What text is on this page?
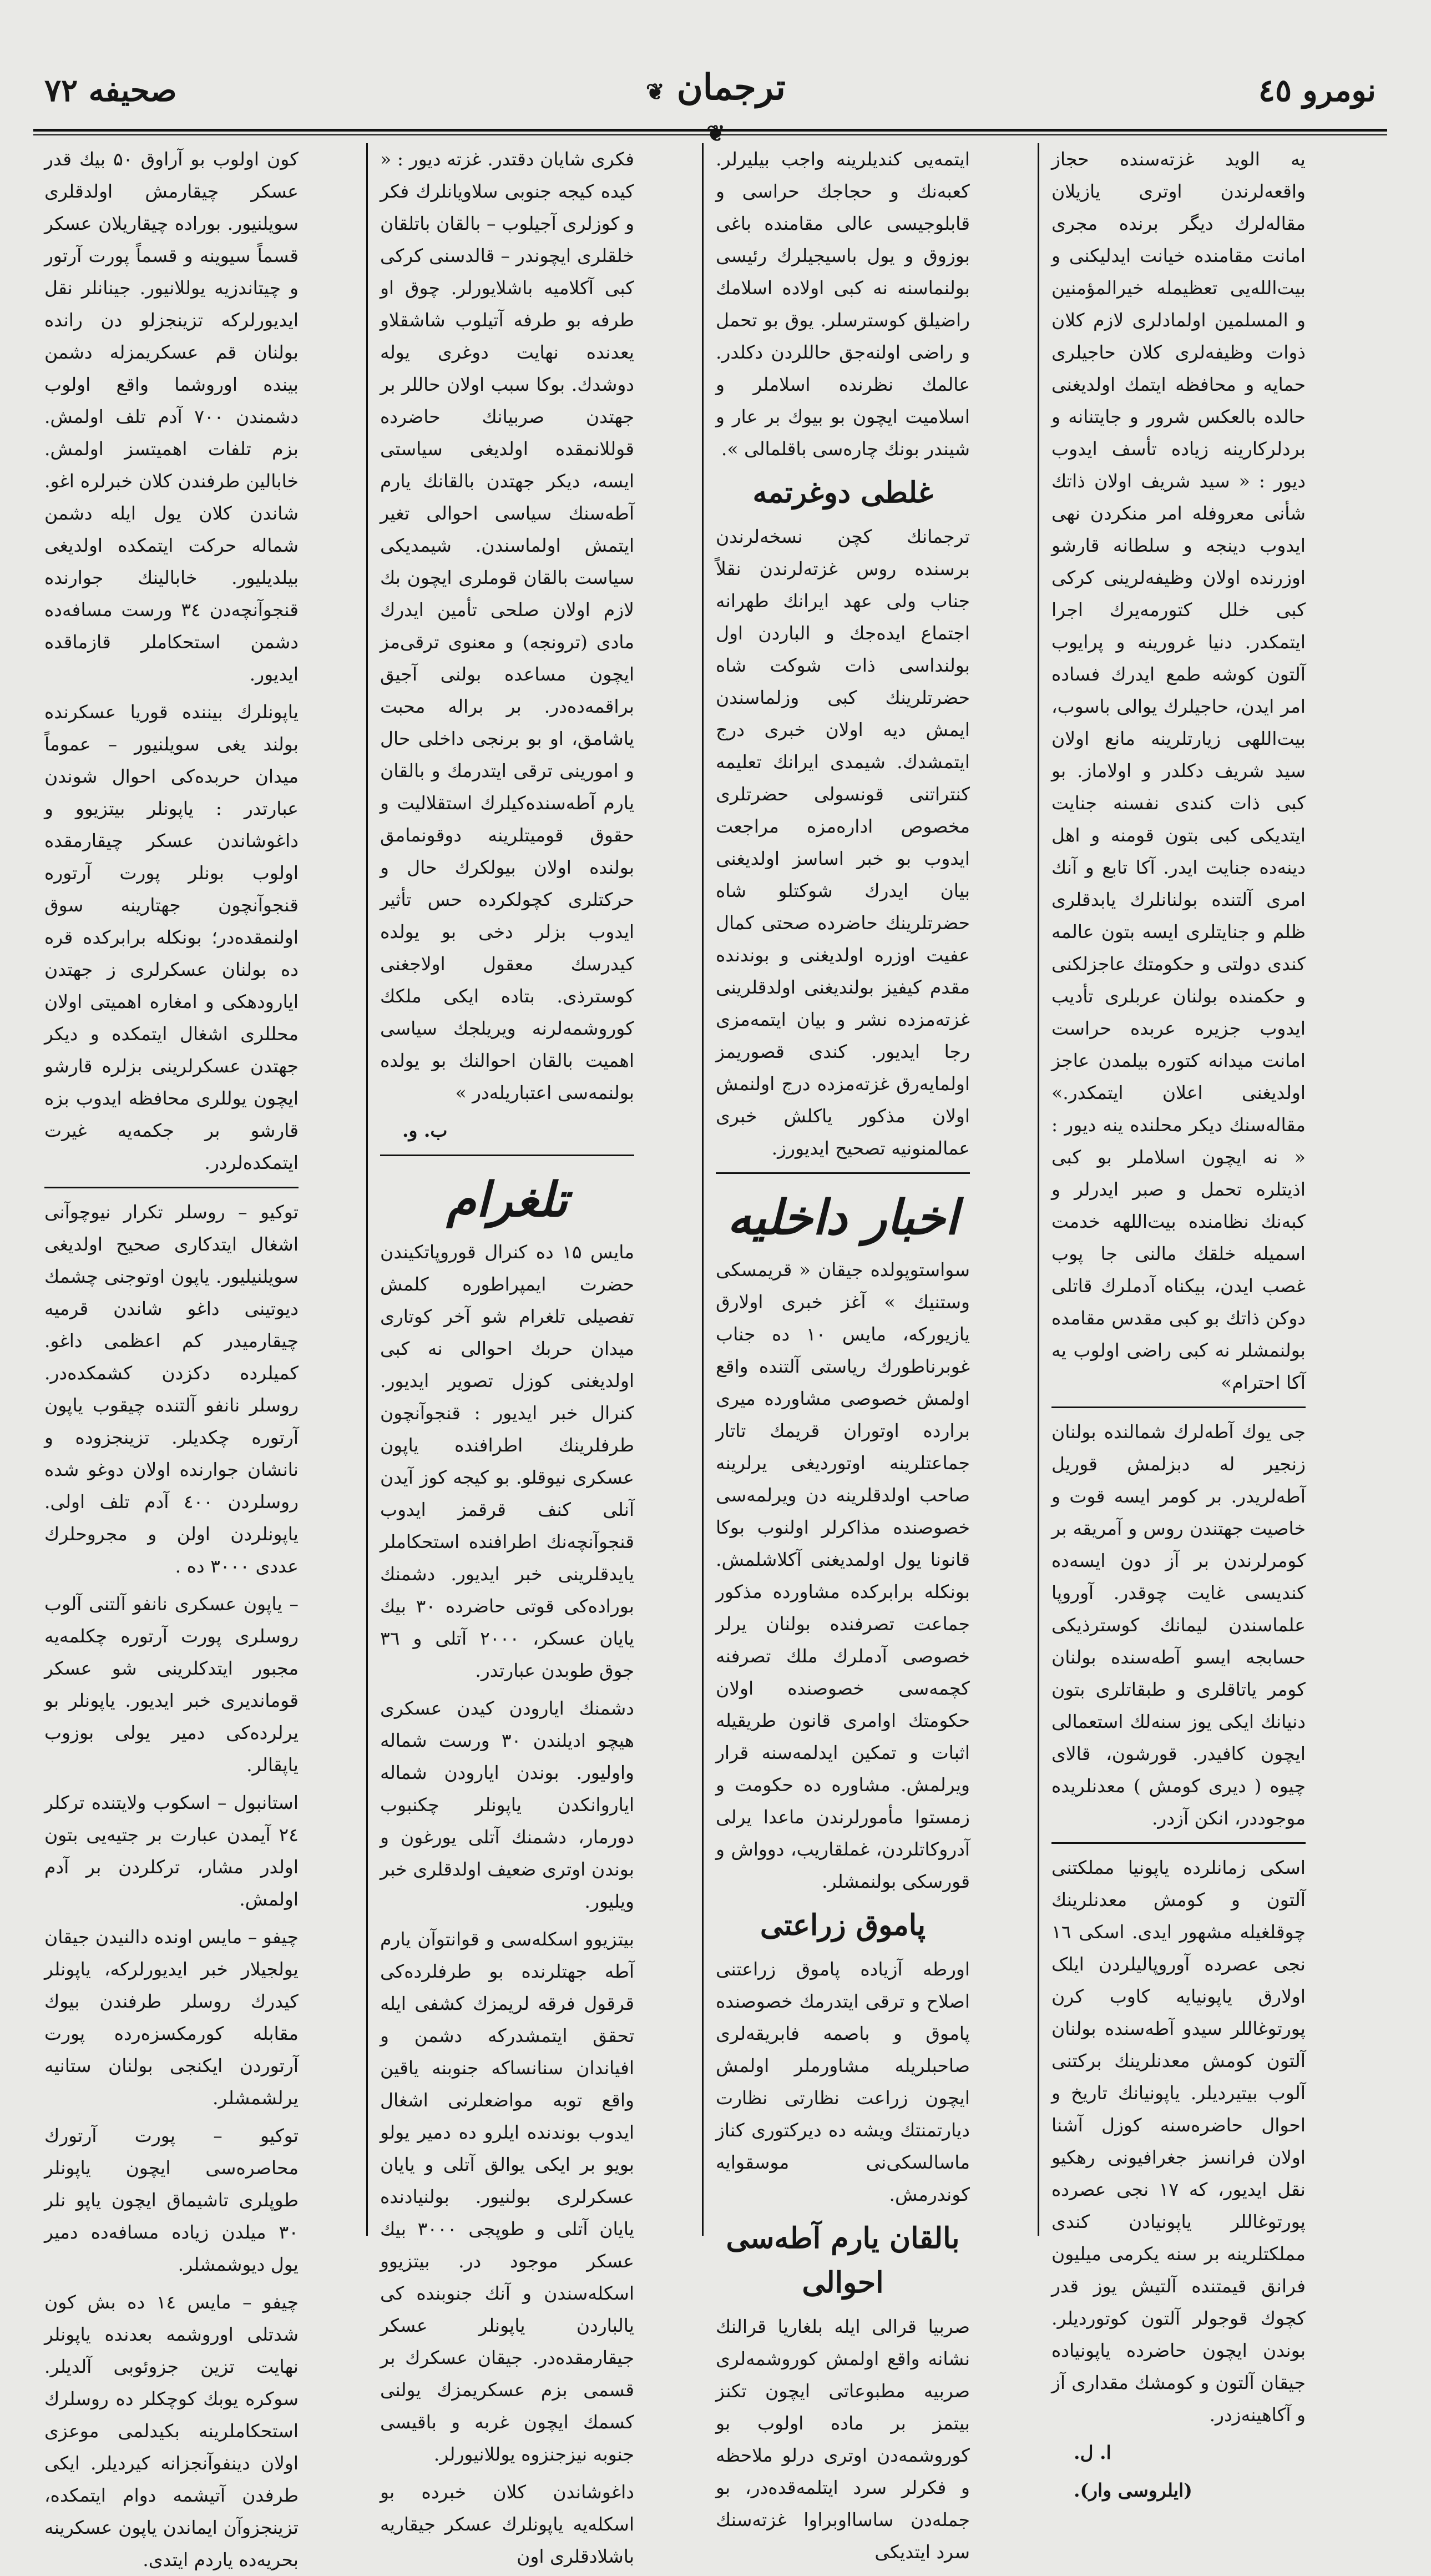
صحیفه ۷۲	❦ ترجمان ❦
نومرو ٤٥

یه الوید غزته‌سنده حجاز واقعه‌لرندن اوتری یازیلان مقاله‌لرك دیگر برنده مجری امانت مقامنده خیانت ایدلیکنی و بیت‌الله‌یی تعظیمله خیرالمؤمنین و المسلمین اولمادلری لازم کلان ذوات وظیفه‌لری کلان حاجیلری حمایه و محافظه ایتمك اولدیغنی حالده بالعکس شرور و جایتنانه و بردلرکارینه زیاده تأسف ایدوب دیور : « سید شریف اولان ذاتك شأنی معروفله امر منکردن نهی ایدوب دینجه و سلطانه قارشو اوزرنده اولان وظیفه‌لرینی کرکی کبی خلل کتورمه‌یرك اجرا ایتمکدر. دنیا غرورینه و پرایوب آلتون کوشه طمع ایدرك فساده امر ایدن، حاجیلرك یوالی باسوب، بیت‌اللهی زیارتلرینه مانع اولان سید شریف دکلدر و اولاماز. بو کبی ذات کندی نفسنه جنایت ایتدیکی کبی بتون قومنه و اهل دینه‌ده جنایت ایدر. آکا تابع و آنك امری آلتنده بولنانلرك یابدقلری ظلم و جنایتلری ایسه بتون عالمه کندی دولتی و حکومتك عاجزلکنی و حکمنده بولنان عربلری تأدیب ایدوب جزیره عربده حراست امانت میدانه کتوره بیلمدن عاجز اولدیغنی اعلان ایتمکدر.» مقاله‌سنك دیکر محلنده ینه دیور : « نه ایچون اسلاملر بو کبی اذیتلره تحمل و صبر ایدرلر و کبه‌نك نظامنده بیت‌اللهه خدمت اسمیله خلقك مالنی جا پوب غصب ایدن، بیکناه آدملرك قاتلی دوکن ذاتك بو کبی مقدس مقامده بولنمشلر نه کبی راضی اولوب یه آکا احترام»

جی یوك آطه‌لرك شمالنده بولنان زنجیر له دبزلمش قوریل آطه‌لریدر. بر کومر ایسه قوت و خاصیت جهتندن روس و آمریقه بر کومرلرندن بر آز دون ایسه‌ده کندیسی غایت چوقدر. آوروپا علماسندن لیمانك کوسترذیکی حسابجه ایسو آطه‌سنده بولنان کومر یاتاقلری و طبقاتلری بتون دنیانك ایکی یوز سنه‌لك استعمالی ایچون کافیدر. قورشون، قالای چیوه ( دیری کومش ) معدنلریده موجوددر، انکن آزدر.

اسکی زمانلرده یاپونیا مملکتنی آلتون و کومش معدنلرینك چوقلغیله مشهور ایدی. اسکی ۱٦ نجی عصرده آوروپالیلردن ایلک اولارق یاپونیایه کاوب کرن پورتوغاللر سیدو آطه‌سنده بولنان آلتون کومش معدنلرینك برکتنی آلوب بیتیردیلر. یاپونیانك تاریخ و احوال حاضره‌سنه کوزل آشنا اولان فرانسز جغرافیونی رهکیو نقل ایدیور، که ۱۷ نجی عصرده پورتوغاللر یاپونیادن کندی مملکتلرینه بر سنه یکرمی میلیون فرانق قیمتنده آلتیش یوز قدر کچوك قوجولر آلتون کوتوردیلر. بوندن ایچون حاضرده یاپونیاده جیقان آلتون و کومشك مقداری آز و آکاهینه‌زدر.

ا. ل.

(ایلروسی وار).

ایتمه‌یی کندیلرینه واجب بیلیرلر. کعبه‌نك و حجاجك حراسی و قابلوجیسی عالی مقامنده باغی بوزوق و یول باسیجیلرك رئیسی بولنماسنه نه کبی اولاده اسلامك راضیلق کوسترسلر. یوق بو تحمل و راضی اولنه‌جق حاللردن دکلدر. عالمك نظرنده اسلاملر و اسلامیت ایچون بو بیوك بر عار و شیندر بونك چاره‌سی باقلمالی ».

غلطی دوغرتمه

ترجمانك کچن نسخه‌لرندن برسنده روس غزته‌لرندن نقلاً جناب ولی عهد ایرانك طهرانه اجتماع ایده‌جك و الباردن اول بولنداسی ذات شوکت شاه حضرتلرینك کبی وزلماسندن ایمش دیه اولان خبری درج ایتمشدك. شیمدی ایرانك تعلیمه کنتراتنی قونسولی حضرتلری مخصوص اداره‌مزه مراجعت ایدوب بو خبر اساسز اولدیغنی بیان ایدرك شوکتلو شاه حضرتلرینك حاضرده صحتی کمال عفیت اوزره اولدیغنی و بوندنده مقدم کیفیز بولندیغنی اولدقلرینی غزته‌مزده نشر و بیان ایتمه‌مزی رجا ایدیور. کندی قصوریمز اولمایه‌رق غزته‌مزده درج اولنمش اولان مذکور یاکلش خبری عمالمنونیه تصحیح ایدیورز.

اخبار داخلیه

سواستوپولده جیقان « قریمسکی وستنیك » آغز خبری اولارق یازیورکه، مایس ۱۰ ده جناب غوبرناطورك ریاستی آلتنده واقع اولمش خصوصی مشاورده میری برارده اوتوران قریمك تاتار جماعتلرینه اوتوردیغی یرلرینه صاحب اولدقلرینه دن ویرلمه‌سی خصوصنده مذاکرلر اولنوب بوکا قانونا یول اولمدیغنی آکلاشلمش. بونکله برابرکده مشاورده مذکور جماعت تصرفنده بولنان یرلر خصوصی آدملرك ملك تصرفنه کچمه‌سی خصوصنده اولان حکومتك اوامری قانون طریقیله اثبات و تمکین ایدلمه‌سنه قرار ویرلمش. مشاوره ده حکومت و زمستوا مأمورلرندن ماعدا یرلی آدروکاتلردن، غملقاریب، دوواش و قورسکی بولنمشلر.

پاموق زراعتی

اورطه آزیاده پاموق زراعتنی اصلاح و ترقی ایتدرمك خصوصنده پاموق و باصمه فابریقه‌لری صاحبلریله مشاورملر اولمش ایچون زراعت نظارتی نظارت دیارتمنتك ویشه ده دیرکتوری کناز ماسالسکی‌نی موسقوایه کوندرمش.

بالقان یارم آطه‌سی احوالی

صربیا قرالی ایله بلغاریا قرالنك نشانه واقع اولمش کوروشمه‌لری صربیه مطبوعاتی ایچون تکنز بیتمز بر ماده اولوب بو کوروشمه‌دن اوتری درلو ملاحظه و فکرلر سرد ایتلمه‌قده‌در، بو جمله‌دن ساسا‌ا‌وبرا‌وا غزته‌سنك سرد ایتدیکی

فکری شایان دقتدر. غزته دیور : « کیده کیجه جنوبی سلاویانلرك فکر و کوزلری آجیلوب – بالقان باتلقان خلقلری ایچوندر – قالدسنی کرکی کبی آکلامیه باشلایورلر. چوق او طرفه بو طرفه آتیلوب شاشقلاو یعدنده نهایت دوغری یوله دوشدك. بوکا سبب اولان حاللر بر جهتدن صربیانك حاضرده قوللانمقده اولدیغی سیاستی ایسه، دیکر جهتدن بالقانك یارم آطه‌سنك سیاسی احوالی تغیر ایتمش اولماسندن. شیمدیکی سیاست بالقان قوملری ایچون بك لازم اولان صلحی تأمین ایدرك مادی (ترونجه) و معنوی ترقی‌مز ایچون مساعده بولنی آجیق براقمه‌ده‌در. بر براله محبت یاشامق، او بو برنجی داخلی حال و امورینی ترقی ایتدرمك و بالقان یارم آطه‌سنده‌کیلرك استقلالیت و حقوق قومیتلرینه دوقونمامق بولنده اولان بیولکرك حال و حرکتلری کچولکرده حس تأثیر ایدوب بزلر دخی بو یولده کیدرسك معقول اولاجغنی کوسترذی. بتاده ایکی ملکك کوروشمه‌لرنه ویریلجك سیاسی اهمیت بالقان احوالنك بو یولده بولنمه‌سی اعتباریله‌در »

ب. و.

تلغرام

مایس ۱۵ ده کنرال قوروپاتکیندن حضرت ایمپراطوره کلمش تفصیلی تلغرام شو آخر کوتاری میدان حربك احوالی نه کبی اولدیغنی کوزل تصویر ایدیور. کنرال خبر ایدیور : قنجوآنچون طرفلرینك اطرافنده یاپون عسکری نیوقلو. بو کیجه کوز آیدن آنلی کنف قرقمز ایدوب قنجوآنچه‌نك اطرافنده استحکاملر یایدقلرینی خبر ایدیور. دشمنك بوراده‌کی قوتی حاضرده ۳۰ بیك یایان عسکر، ۲۰۰۰ آتلی و ۳٦ جوق طوبدن عبارتدر.

دشمنك ایارودن کیدن عسکری هیچو ادیلندن ۳۰ ورست شماله واولیور. بوندن ایارودن شماله ایاروانکدن یاپونلر چکنبوب دورمار، دشمنك آتلی یورغون و بوندن اوتری ضعیف اولدقلری خبر ویلیور.

بیتزیوو اسکله‌سی و قوانتوآن یارم آطه جهتلرنده بو طرفلرده‌کی قرقول فرقه لریمزك کشفی ایله تحقق ایتمشدرکه دشمن و افیاندان سنانساکه جنوبنه یاقین واقع توبه مواضعلرنی اشغال ایدوب بوندنده ایلرو ده دمیر یولو بویو بر ایکی یوالق آتلی و یایان عسکرلری بولنیور. بولنیادنده یایان آتلی و طوپجی ۳۰۰۰ بیك عسکر موجود در. بیتزیوو اسکله‌سندن و آنك جنوبنده کی یالباردن یاپونلر عسکر جیقارمقده‌در. جیقان عسکرك بر قسمی بزم عسکریمزك یولنی کسمك ایچون غربه و باقیسی جنوبه نیزجنزوه یوللانیورلر.

داغوشاندن کلان خبرده بو اسکله‌یه یاپونلرك عسکر جیقاریه باشلادقلری اون

کون اولوب بو آراوق ۵۰ بیك قدر عسکر چیقارمش اولدقلری سویلنیور. بوراده چیقاریلان عسکر قسماً سیوینه و قسماً پورت آرتور و چیتاندزیه یوللانیور. جینانلر نقل ایدیورلرکه تزینجزلو دن رانده بولنان قم عسکریمزله دشمن بینده اوروشما واقع اولوب دشمندن ۷۰۰ آدم تلف اولمش. بزم تلفات اهمیتسز اولمش. خابالین طرفندن کلان خبرلره اغو. شاندن کلان یول ایله دشمن شماله حرکت ایتمکده اولدیغی بیلدیلیور. خابالینك جوارنده قنجوآنچه‌دن ۳٤ ورست مسافه‌ده دشمن استحکاملر قازماقده ایدیور.

یاپونلرك بیننده قوریا عسکرنده بولند یغی سویلنیور – عموماً میدان حربده‌کی احوال شوندن عبارتدر : یاپونلر بیتزیوو و داغوشاندن عسکر چیقارمقده اولوب بونلر پورت آرتوره قنجوآنچون جهتارینه سوق اولنمقده‌در؛ بونکله برابرکده قره ده بولنان عسکرلری ز جهتدن ایارودهکی و امغاره اهمیتی اولان محللری اشغال ایتمکده و دیکر جهتدن عسکرلرینی بزلره قارشو ایچون یوللری محافظه ایدوب بزه قارشو بر جکمه‌یه غیرت ایتمکده‌لردر.

توکیو – روسلر تکرار نیوچوآنی اشغال ایتدکاری صحیح اولدیغی سویلنیلیور. یاپون اوتوجنی چشمك دیوتینی داغو شاندن قرمیه چیقارمیدر کم اعظمی داغو. کمیلرده دکزدن کشمکده‌در. روسلر نانفو آلتنده چیقوب یاپون آرتوره چکدیلر. تزینجزوده و نانشان جوارنده اولان دوغو شده روسلردن ٤۰۰ آدم تلف اولی. یاپونلردن اولن و مجروحلرك عددی ۳۰۰۰ ده .

– یاپون عسکری نانفو آلتنی آلوب روسلری پورت آرتوره چکلمه‌یه مجبور ایتدکلرینی شو عسکر قوماندیری خبر ایدیور. یاپونلر بو یرلرده‌کی دمیر یولی بوزوب یاپقالر.

استانبول – اسکوب ولایتنده ترکلر ۲٤ آیمدن عبارت بر جتیه‌یی بتون اولدر مشار، ترکلردن بر آدم اولمش.

چیفو – مایس اونده دالنیدن جیقان یولجیلار خبر ایدیورلرکه، یاپونلر کیدرك روسلر طرفندن بیوك مقابله کورمکسزه‌رده پورت آرتوردن ایکنجی بولنان ستانیه یرلشمشلر.

توکیو – پورت آرتورك محاصره‌سی ایچون یاپونلر طوپلری تاشیماق ایچون یاپو نلر ۳۰ میلدن زیاده مسافه‌ده دمیر یول دیوشمشلر.

چیفو – مایس ۱٤ ده بش کون شدتلی اوروشمه بعدنده یاپونلر نهایت تزین جزوئوبی آلدیلر. سوکره یوبك کوچکلر ده روسلرك استحکاملرینه بکیدلمی موعزی اولان دینفوآنجزانه کیردیلر. ایکی طرفدن آتیشمه دوام ایتمکده، تزینجزوآن ایماندن یاپون عسکرینه بحریه‌ده یاردم ایتدی.
